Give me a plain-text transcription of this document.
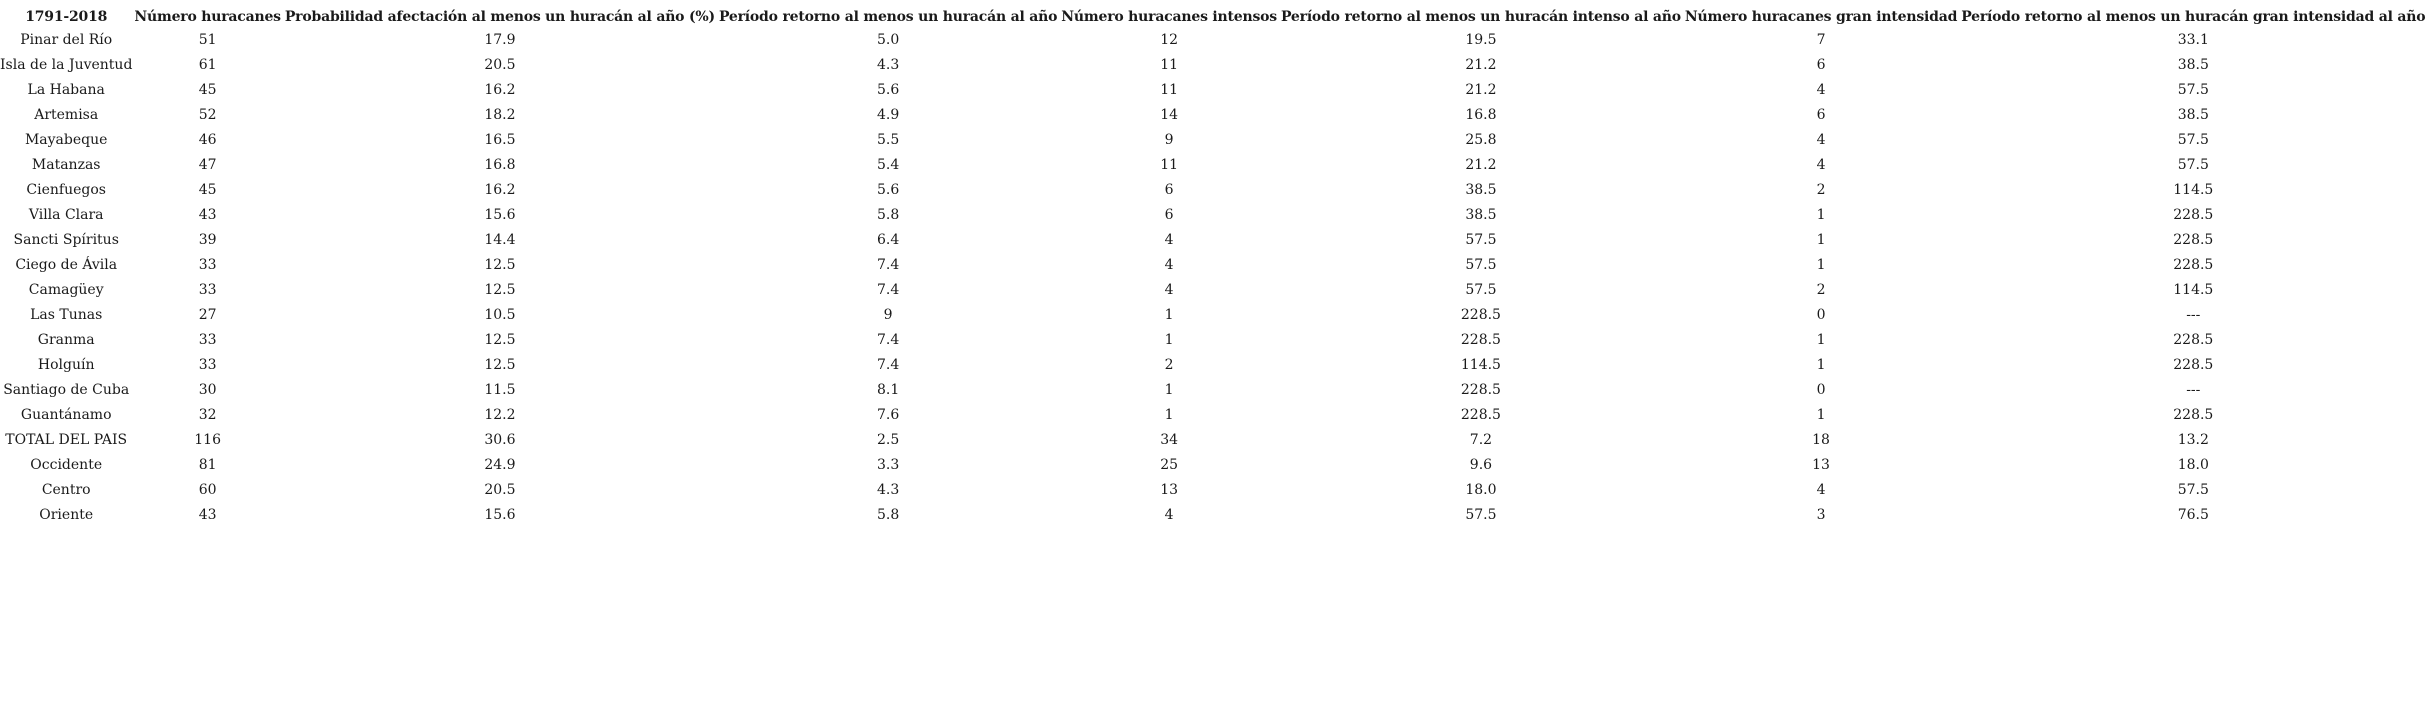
1791-2018	Número huracanes	Probabilidad afectación al menos un huracán al año (%)	Período retorno al menos un huracán al año	Número huracanes intensos	Período retorno al menos un huracán intenso al año	Número huracanes gran intensidad	Período retorno al menos un huracán gran intensidad al año
Pinar del Río	51	17.9	5.0	12	19.5	7	33.1
Isla de la Juventud	61	20.5	4.3	11	21.2	6	38.5
La Habana	45	16.2	5.6	11	21.2	4	57.5
Artemisa	52	18.2	4.9	14	16.8	6	38.5
Mayabeque	46	16.5	5.5	9	25.8	4	57.5
Matanzas	47	16.8	5.4	11	21.2	4	57.5
Cienfuegos	45	16.2	5.6	6	38.5	2	114.5
Villa Clara	43	15.6	5.8	6	38.5	1	228.5
Sancti Spíritus	39	14.4	6.4	4	57.5	1	228.5
Ciego de Ávila	33	12.5	7.4	4	57.5	1	228.5
Camagüey	33	12.5	7.4	4	57.5	2	114.5
Las Tunas	27	10.5	9	1	228.5	0	---
Granma	33	12.5	7.4	1	228.5	1	228.5
Holguín	33	12.5	7.4	2	114.5	1	228.5
Santiago de Cuba	30	11.5	8.1	1	228.5	0	---
Guantánamo	32	12.2	7.6	1	228.5	1	228.5
TOTAL DEL PAIS	116	30.6	2.5	34	7.2	18	13.2
Occidente	81	24.9	3.3	25	9.6	13	18.0
Centro	60	20.5	4.3	13	18.0	4	57.5
Oriente	43	15.6	5.8	4	57.5	3	76.5
